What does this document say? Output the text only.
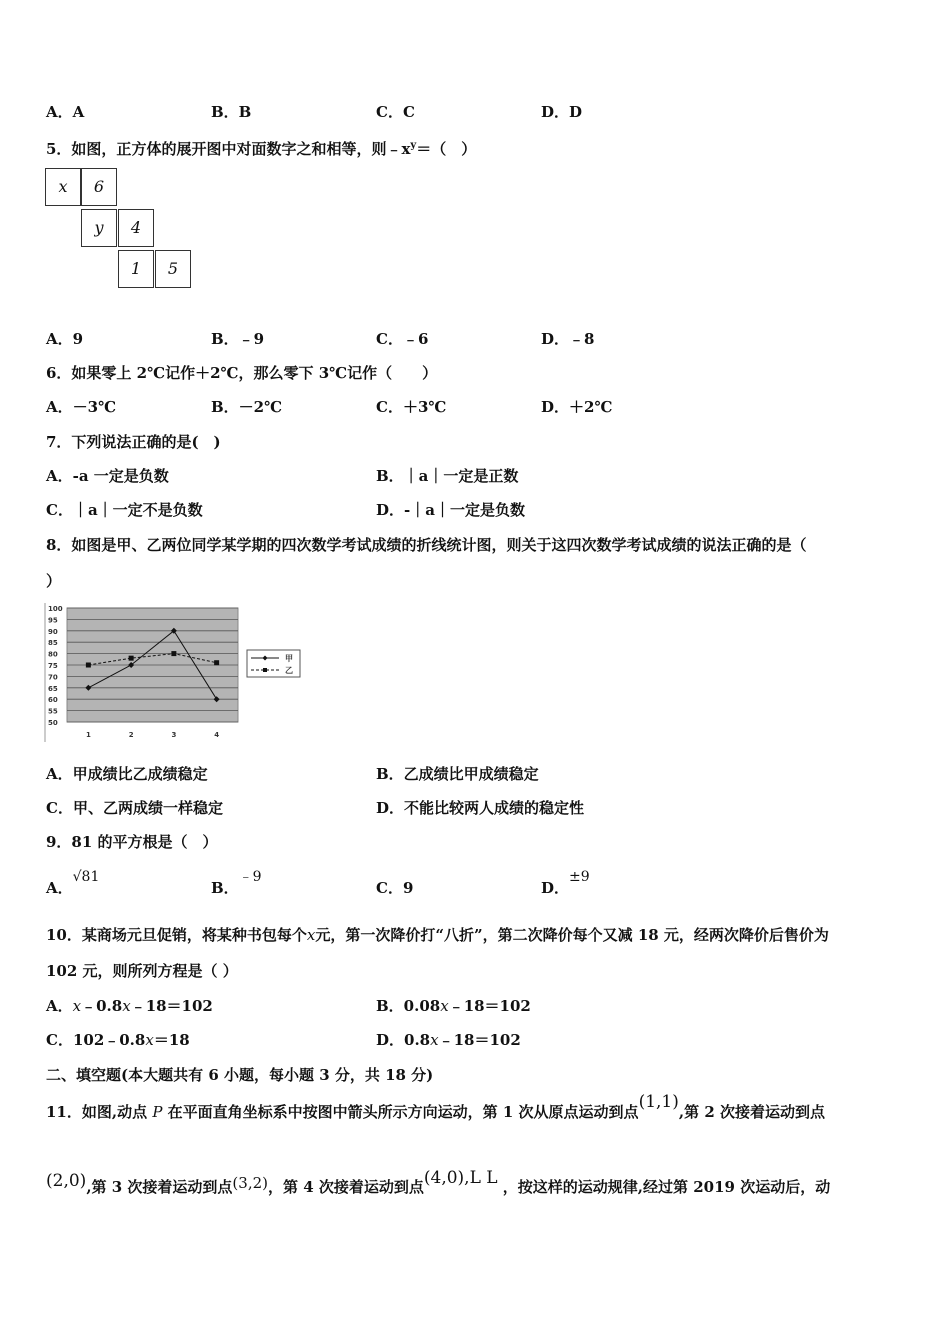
A．A	B．B	C．C	D．D
5．如图，正方体的展开图中对面数字之和相等，则$﹣x^y=$（　）
x	6
y	4
1	5
A．9	B．﹣9	C．﹣6	D．﹣8
6．如果零上 2℃记作＋2℃，那么零下 3℃记作（　　）
A．－3℃	B．－2℃	C．＋3℃	D．＋2℃
7．下列说法正确的是(　)
A．-a 一定是负数	B．｜a｜一定是正数
C．｜a｜一定不是负数	D．-｜a｜一定是负数
8．如图是甲、乙两位同学某学期的四次数学考试成绩的折线统计图，则关于这四次数学考试成绩的说法正确的是（
）
100
95
90
85
80
75
70
65
60
55
50
1	2	3	4
甲
乙
A．甲成绩比乙成绩稳定	B．乙成绩比甲成绩稳定
C．甲、乙两成绩一样稳定	D．不能比较两人成绩的稳定性
9．81 的平方根是（　）
A．√81
B．﹣9
C．9	D．±9
10．某商场元旦促销，将某种书包每个x元，第一次降价打“八折”，第二次降价每个又减 18 元，经两次降价后售价为
102 元，则所列方程是（ ）
A．x﹣0.8x﹣18＝102	B．0.08x﹣18＝102
C．102﹣0.8x＝18	D．0.8x﹣18＝102
二、填空题(本大题共有 6 小题，每小题 3 分，共 18 分)
11．如图,动点 P 在平面直角坐标系中按图中箭头所示方向运动，第 1 次从原点运动到点(1,1),第 2 次接着运动到点
(2,0),第 3 次接着运动到点(3,2)，第 4 次接着运动到点(4,0),L L ，按这样的运动规律,经过第 2019 次运动后，动
